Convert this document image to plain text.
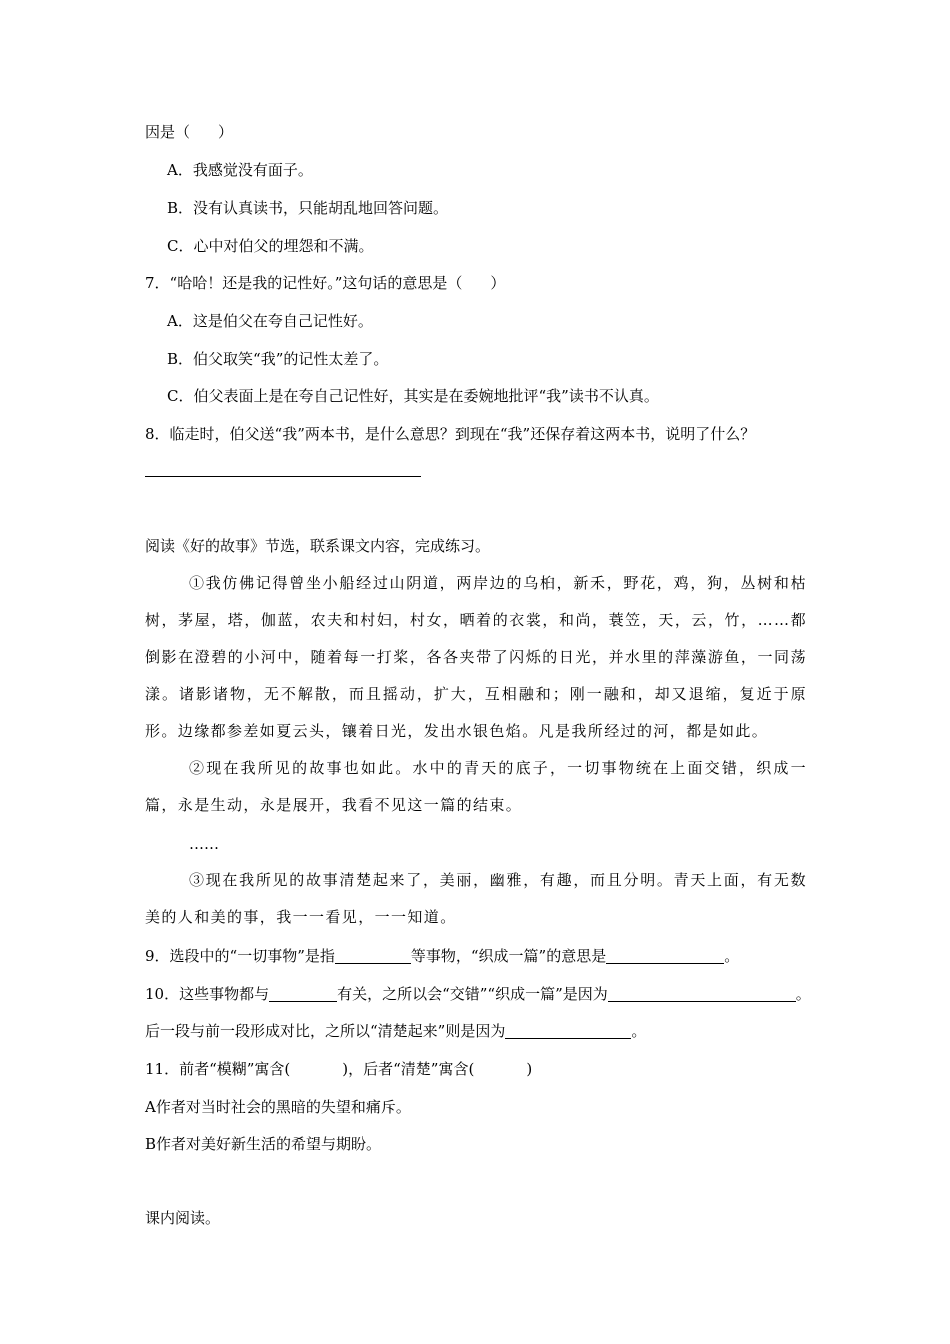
因是（ ）
A．我感觉没有面子。
B．没有认真读书，只能胡乱地回答问题。
C．心中对伯父的埋怨和不满。
7．“哈哈！还是我的记性好。”这句话的意思是（ ）
A．这是伯父在夸自己记性好。
B．伯父取笑“我”的记性太差了。
C．伯父表面上是在夸自己记性好，其实是在委婉地批评“我”读书不认真。
8．临走时，伯父送“我”两本书，是什么意思？到现在“我”还保存着这两本书，说明了什么？
阅读《好的故事》节选，联系课文内容，完成练习。
①我仿佛记得曾坐小船经过山阴道，两岸边的乌桕，新禾，野花，鸡，狗，丛树和枯树，茅屋，塔，伽蓝，农夫和村妇，村女，晒着的衣裳，和尚，蓑笠，天，云，竹，……都倒影在澄碧的小河中，随着每一打桨，各各夹带了闪烁的日光，并水里的萍藻游鱼，一同荡漾。诸影诸物，无不解散，而且摇动，扩大，互相融和；刚一融和，却又退缩，复近于原形。边缘都参差如夏云头，镶着日光，发出水银色焰。凡是我所经过的河，都是如此。
②现在我所见的故事也如此。水中的青天的底子，一切事物统在上面交错，织成一篇，永是生动，永是展开，我看不见这一篇的结束。
……
③现在我所见的故事清楚起来了，美丽，幽雅，有趣，而且分明。青天上面，有无数美的人和美的事，我一一看见，一一知道。
9．选段中的“一切事物”是指	等事物，“织成一篇”的意思是	。
10．这些事物都与	有关，之所以会“交错”“织成一篇”是因为	。
后一段与前一段形成对比，之所以“清楚起来”则是因为	。
11．前者“模糊”寓含(	)，后者“清楚”寓含(	)
A作者对当时社会的黑暗的失望和痛斥。
B作者对美好新生活的希望与期盼。
课内阅读。
